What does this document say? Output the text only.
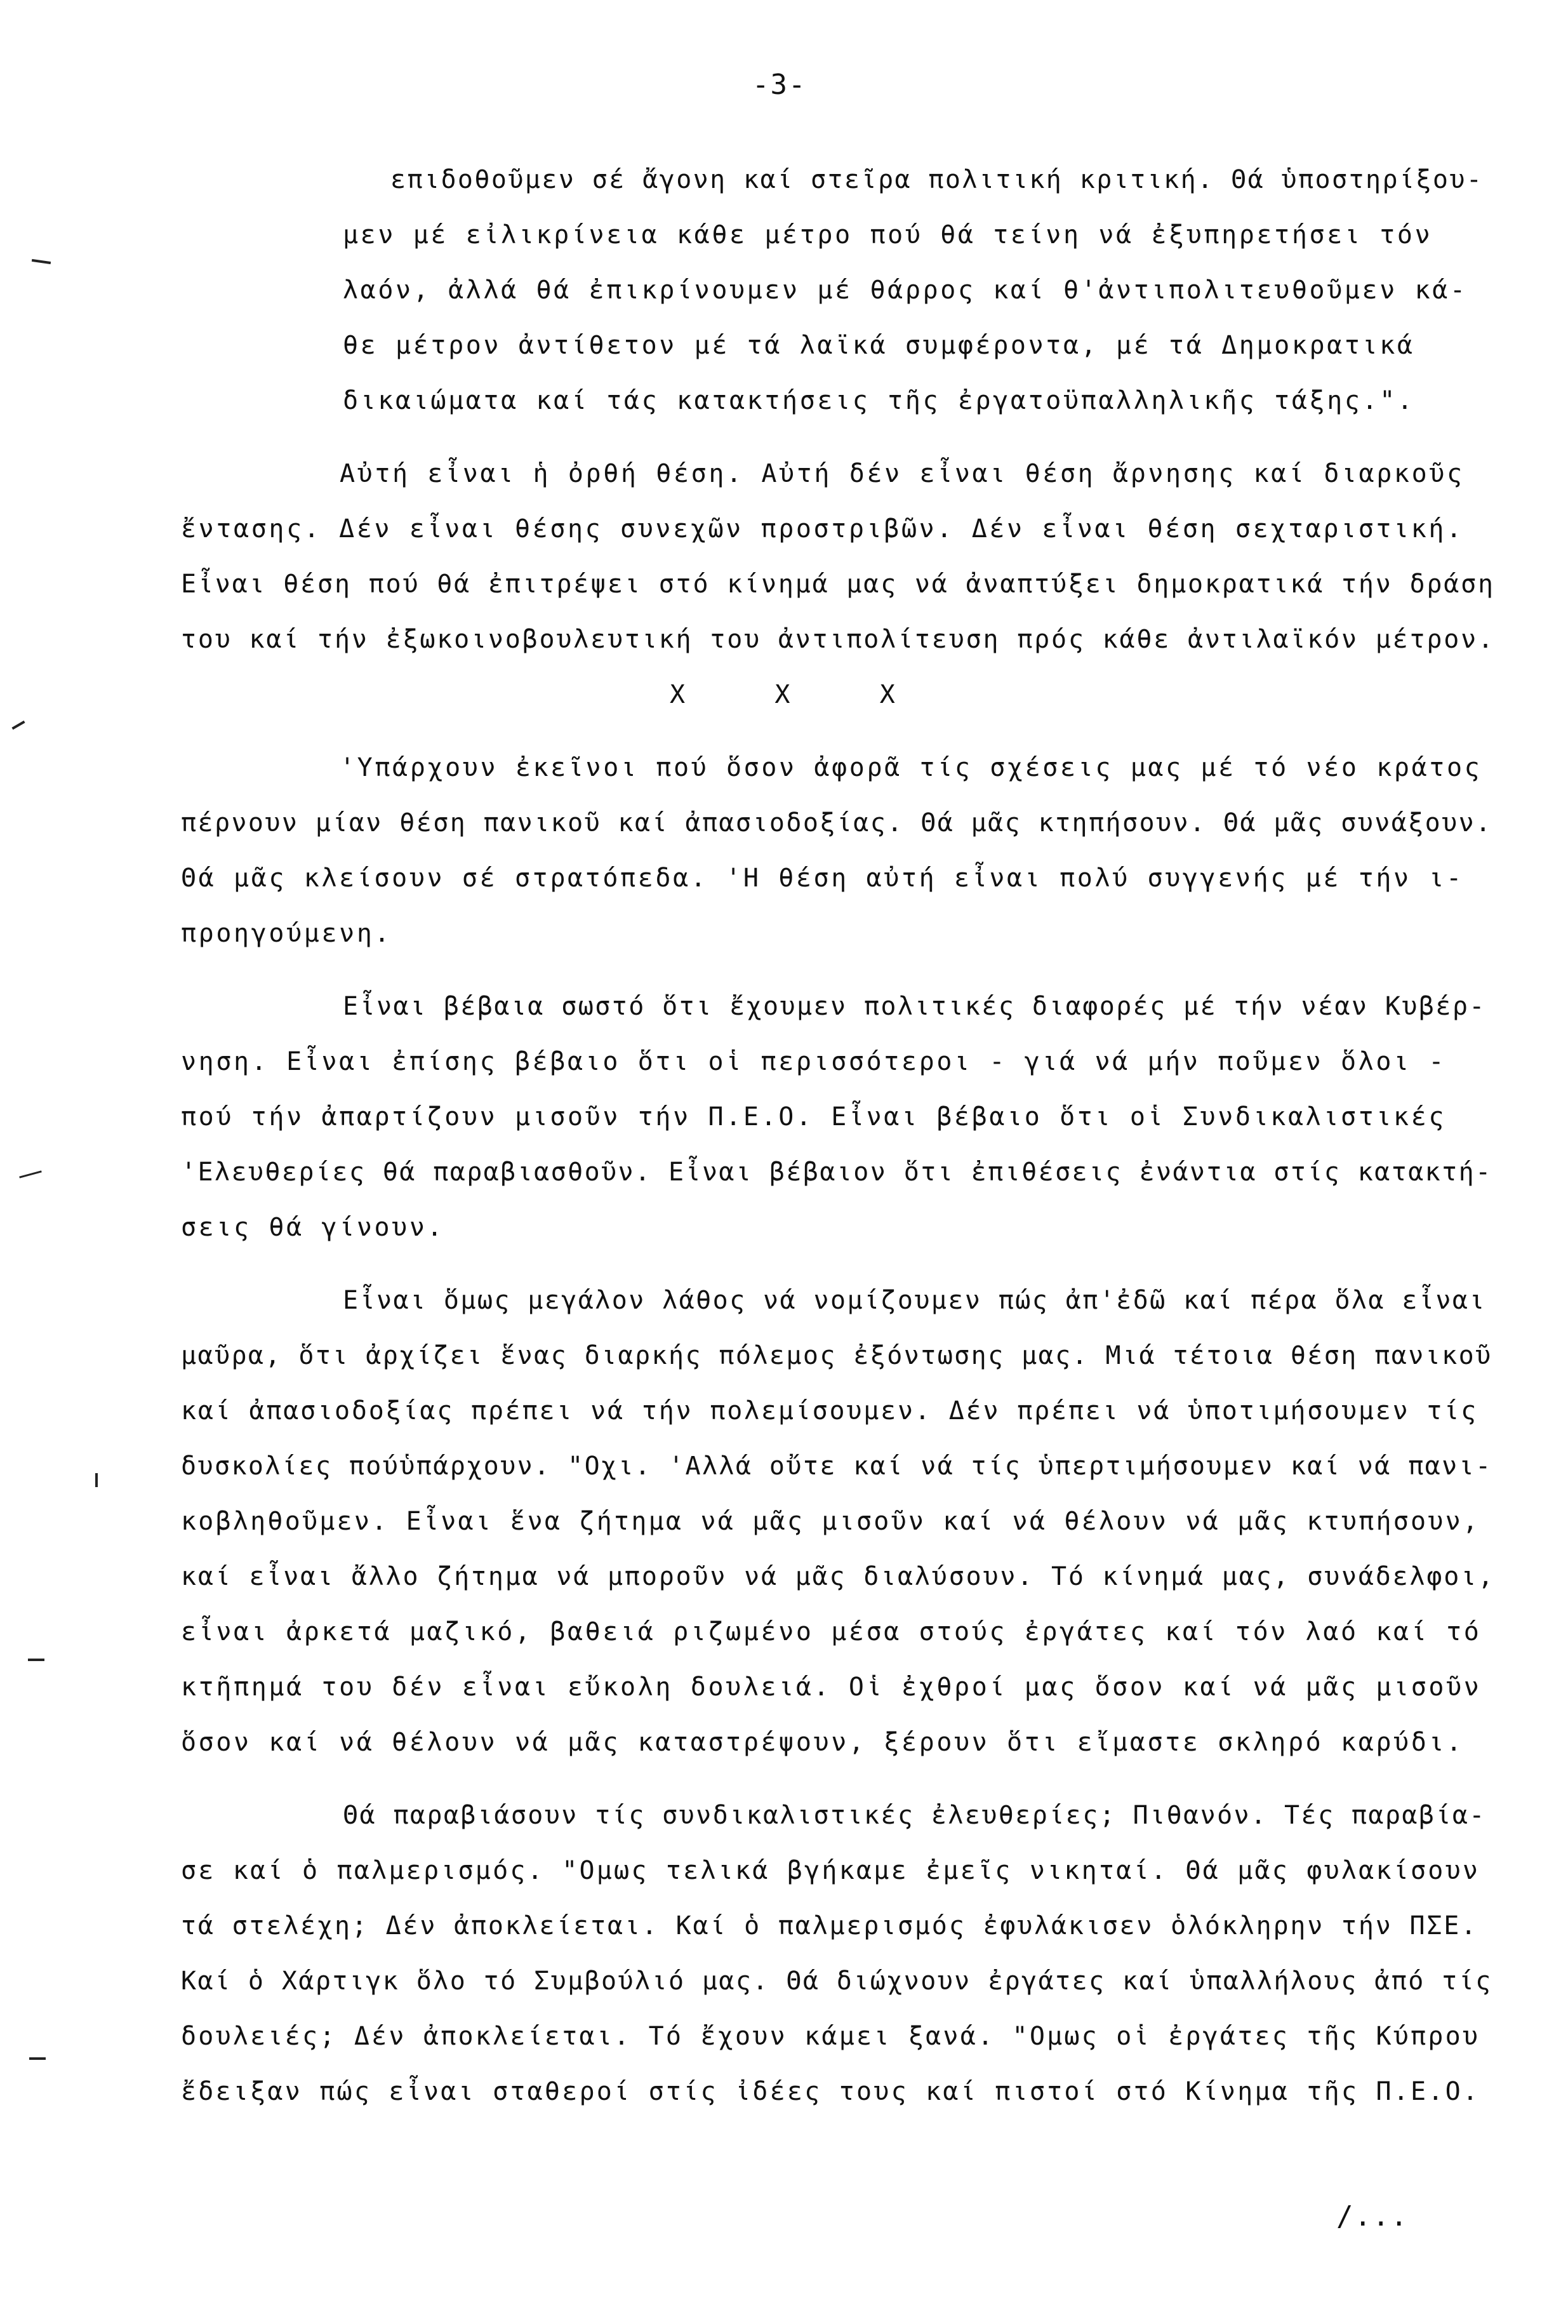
-3-
επιδοθοῦμεν σέ ἄγονη καί στεῖρα πολιτική κριτική. Θά ὑποστηρίξου-
μεν μέ εἰλικρίνεια κάθε μέτρο πού θά τείνη νά ἐξυπηρετήσει τόν
λαόν, ἀλλά θά ἐπικρίνουμεν μέ θάρρος καί θ'ἀντιπολιτευθοῦμεν κά-
θε μέτρον ἀντίθετον μέ τά λαϊκά συμφέροντα, μέ τά Δημοκρατικά
δικαιώματα καί τάς κατακτήσεις τῆς ἐργατοϋπαλληλικῆς τάξης.".
Αὐτή εἶναι ἡ ὀρθή θέση. Αὐτή δέν εἶναι θέση ἄρνησης καί διαρκοῦς
ἔντασης. Δέν εἶναι θέσης συνεχῶν προστριβῶν. Δέν εἶναι θέση σεχταριστική.
Εἶναι θέση πού θά ἐπιτρέψει στό κίνημά μας νά ἀναπτύξει δημοκρατικά τήν δράση
του καί τήν ἐξωκοινοβουλευτική του ἀντιπολίτευση πρός κάθε ἀντιλαϊκόν μέτρον.
X X X
'Υπάρχουν ἐκεῖνοι πού ὅσον ἀφορᾶ τίς σχέσεις μας μέ τό νέο κράτος
πέρνουν μίαν θέση πανικοῦ καί ἀπασιοδοξίας. Θά μᾶς κτηπήσουν. Θά μᾶς συνάξουν.
Θά μᾶς κλείσουν σέ στρατόπεδα. 'Η θέση αὐτή εἶναι πολύ συγγενής μέ τήν ι-
προηγούμενη.
Εἶναι βέβαια σωστό ὅτι ἔχουμεν πολιτικές διαφορές μέ τήν νέαν Κυβέρ-
νηση. Εἶναι ἐπίσης βέβαιο ὅτι οἱ περισσότεροι - γιά νά μήν ποῦμεν ὅλοι -
πού τήν ἀπαρτίζουν μισοῦν τήν Π.Ε.Ο. Εἶναι βέβαιο ὅτι οἱ Συνδικαλιστικές
'Ελευθερίες θά παραβιασθοῦν. Εἶναι βέβαιον ὅτι ἐπιθέσεις ἐνάντια στίς κατακτή-
σεις θά γίνουν.
Εἶναι ὅμως μεγάλον λάθος νά νομίζουμεν πώς ἀπ'ἐδῶ καί πέρα ὅλα εἶναι
μαῦρα, ὅτι ἀρχίζει ἕνας διαρκής πόλεμος ἐξόντωσης μας. Μιά τέτοια θέση πανικοῦ
καί ἀπασιοδοξίας πρέπει νά τήν πολεμίσουμεν. Δέν πρέπει νά ὑποτιμήσουμεν τίς
δυσκολίες πούὑπάρχουν. "Οχι. 'Αλλά οὔτε καί νά τίς ὑπερτιμήσουμεν καί νά πανι-
κοβληθοῦμεν. Εἶναι ἕνα ζήτημα νά μᾶς μισοῦν καί νά θέλουν νά μᾶς κτυπήσουν,
καί εἶναι ἄλλο ζήτημα νά μποροῦν νά μᾶς διαλύσουν. Τό κίνημά μας, συνάδελφοι,
εἶναι ἀρκετά μαζικό, βαθειά ριζωμένο μέσα στούς ἐργάτες καί τόν λαό καί τό
κτῆπημά του δέν εἶναι εὔκολη δουλειά. Οἱ ἐχθροί μας ὅσον καί νά μᾶς μισοῦν
ὅσον καί νά θέλουν νά μᾶς καταστρέψουν, ξέρουν ὅτι εἴμαστε σκληρό καρύδι.
Θά παραβιάσουν τίς συνδικαλιστικές ἐλευθερίες; Πιθανόν. Τές παραβία-
σε καί ὁ παλμερισμός. "Ομως τελικά βγήκαμε ἐμεῖς νικηταί. Θά μᾶς φυλακίσουν
τά στελέχη; Δέν ἀποκλείεται. Καί ὁ παλμερισμός ἐφυλάκισεν ὁλόκληρην τήν ΠΣΕ.
Καί ὁ Χάρτιγκ ὅλο τό Συμβούλιό μας. Θά διώχνουν ἐργάτες καί ὑπαλλήλους ἀπό τίς
δουλειές; Δέν ἀποκλείεται. Τό ἔχουν κάμει ξανά. "Ομως οἱ ἐργάτες τῆς Κύπρου
ἔδειξαν πώς εἶναι σταθεροί στίς ἰδέες τους καί πιστοί στό Κίνημα τῆς Π.Ε.Ο.
/...
